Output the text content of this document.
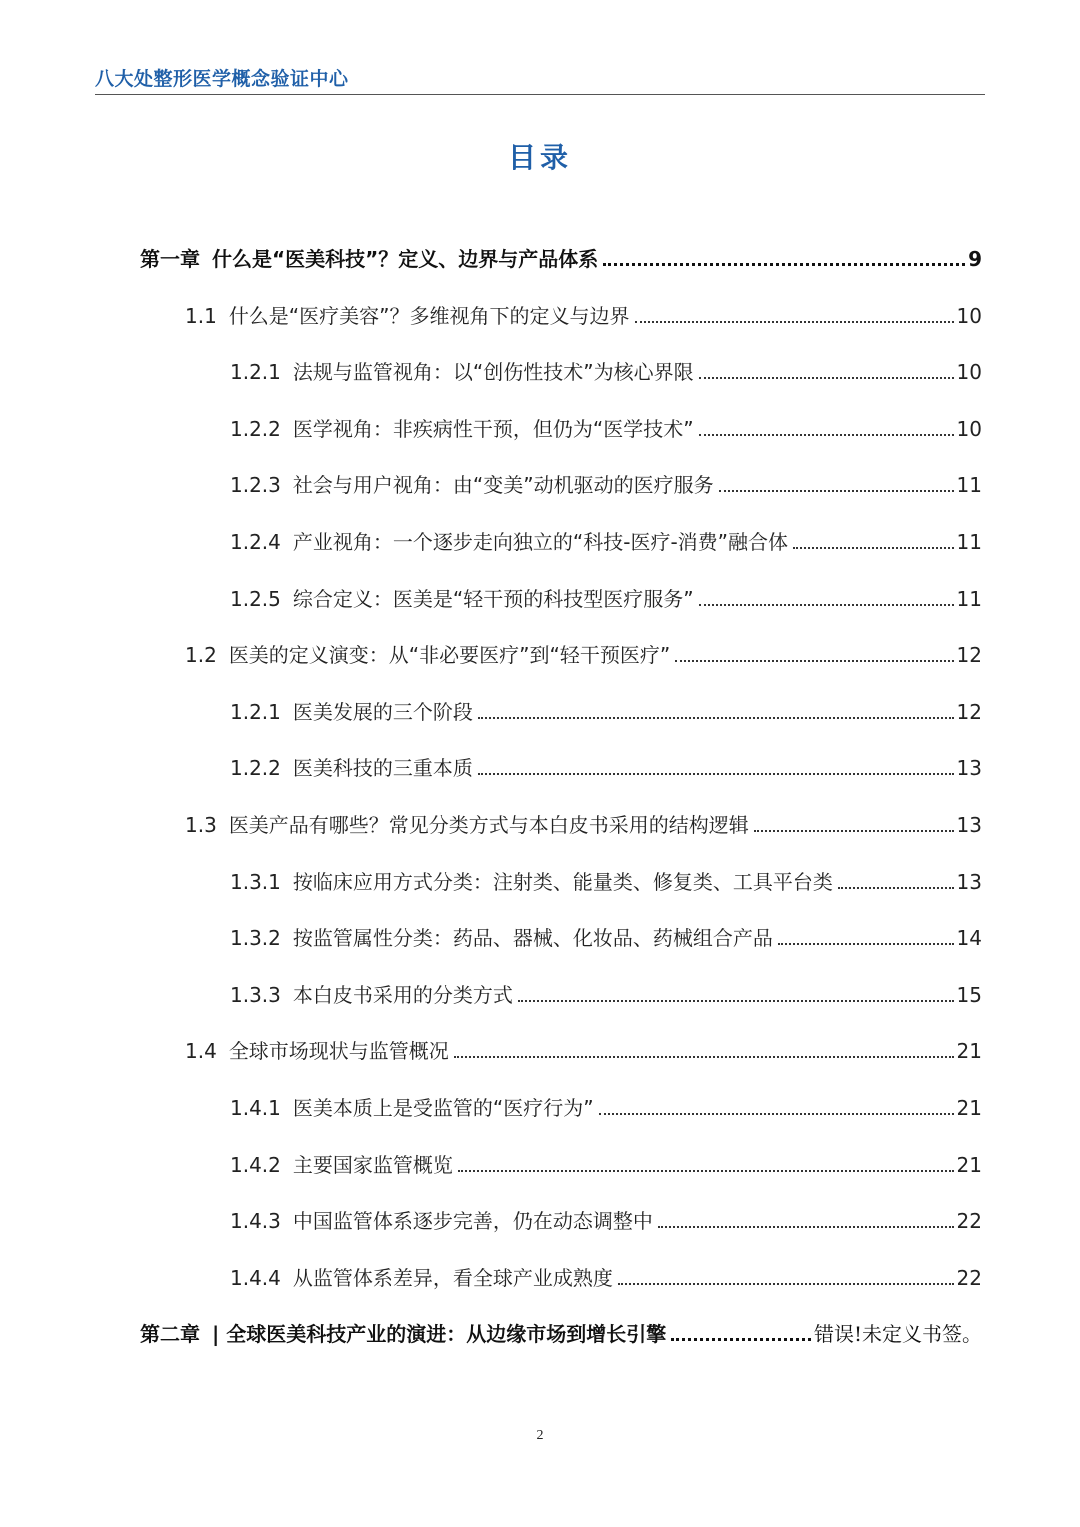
八大处整形医学概念验证中心
目录
第一章 什么是“医美科技”？定义、边界与产品体系	9
1.1 什么是“医疗美容”？多维视角下的定义与边界	10
1.2.1 法规与监管视角：以“创伤性技术”为核心界限	10
1.2.2 医学视角：非疾病性干预，但仍为“医学技术”	10
1.2.3 社会与用户视角：由“变美”动机驱动的医疗服务	11
1.2.4 产业视角：一个逐步走向独立的“科技-医疗-消费”融合体	11
1.2.5 综合定义：医美是“轻干预的科技型医疗服务”	11
1.2 医美的定义演变：从“非必要医疗”到“轻干预医疗”	12
1.2.1 医美发展的三个阶段	12
1.2.2 医美科技的三重本质	13
1.3 医美产品有哪些？常见分类方式与本白皮书采用的结构逻辑	13
1.3.1 按临床应用方式分类：注射类、能量类、修复类、工具平台类	13
1.3.2 按监管属性分类：药品、器械、化妆品、药械组合产品	14
1.3.3 本白皮书采用的分类方式	15
1.4 全球市场现状与监管概况	21
1.4.1 医美本质上是受监管的“医疗行为”	21
1.4.2 主要国家监管概览	21
1.4.3 中国监管体系逐步完善，仍在动态调整中	22
1.4.4 从监管体系差异，看全球产业成熟度	22
第二章 | 全球医美科技产业的演进：从边缘市场到增长引擎	错误!未定义书签。
2
